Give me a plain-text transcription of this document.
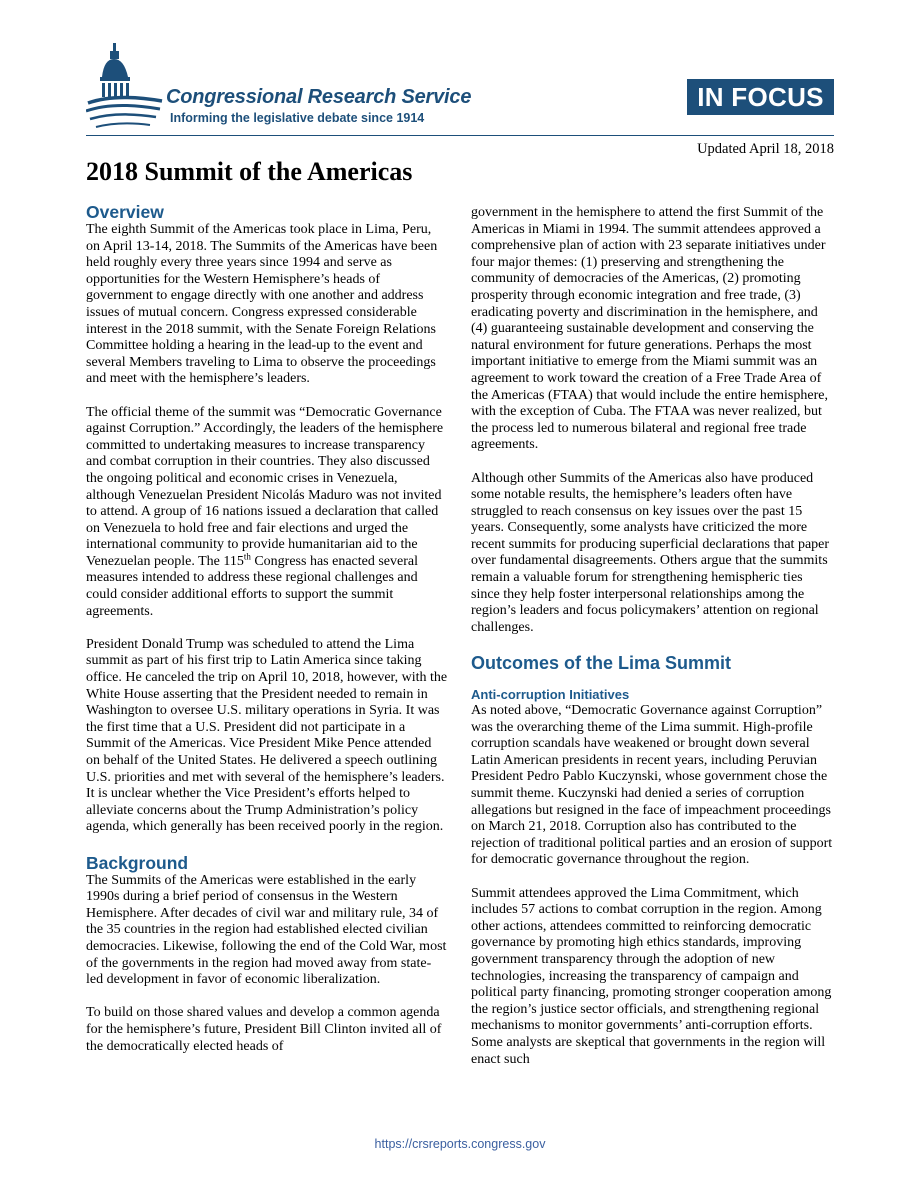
Congressional Research Service
Informing the legislative debate since 1914
IN FOCUS
Updated April 18, 2018
2018 Summit of the Americas
Overview

The eighth Summit of the Americas took place in Lima, Peru, on April 13-14, 2018. The Summits of the Americas have been held roughly every three years since 1994 and serve as opportunities for the Western Hemisphere’s heads of government to engage directly with one another and address issues of mutual concern. Congress expressed considerable interest in the 2018 summit, with the Senate Foreign Relations Committee holding a hearing in the lead-up to the event and several Members traveling to Lima to observe the proceedings and meet with the hemisphere’s leaders.

The official theme of the summit was “Democratic Governance against Corruption.” Accordingly, the leaders of the hemisphere committed to undertaking measures to increase transparency and combat corruption in their countries. They also discussed the ongoing political and economic crises in Venezuela, although Venezuelan President Nicolás Maduro was not invited to attend. A group of 16 nations issued a declaration that called on Venezuela to hold free and fair elections and urged the international community to provide humanitarian aid to the Venezuelan people. The 115th Congress has enacted several measures intended to address these regional challenges and could consider additional efforts to support the summit agreements.

President Donald Trump was scheduled to attend the Lima summit as part of his first trip to Latin America since taking office. He canceled the trip on April 10, 2018, however, with the White House asserting that the President needed to remain in Washington to oversee U.S. military operations in Syria. It was the first time that a U.S. President did not participate in a Summit of the Americas. Vice President Mike Pence attended on behalf of the United States. He delivered a speech outlining U.S. priorities and met with several of the hemisphere’s leaders. It is unclear whether the Vice President’s efforts helped to alleviate concerns about the Trump Administration’s policy agenda, which generally has been received poorly in the region.

Background

The Summits of the Americas were established in the early 1990s during a brief period of consensus in the Western Hemisphere. After decades of civil war and military rule, 34 of the 35 countries in the region had established elected civilian democracies. Likewise, following the end of the Cold War, most of the governments in the region had moved away from state-led development in favor of economic liberalization.

To build on those shared values and develop a common agenda for the hemisphere’s future, President Bill Clinton invited all of the democratically elected heads of

government in the hemisphere to attend the first Summit of the Americas in Miami in 1994. The summit attendees approved a comprehensive plan of action with 23 separate initiatives under four major themes: (1) preserving and strengthening the community of democracies of the Americas, (2) promoting prosperity through economic integration and free trade, (3) eradicating poverty and discrimination in the hemisphere, and (4) guaranteeing sustainable development and conserving the natural environment for future generations. Perhaps the most important initiative to emerge from the Miami summit was an agreement to work toward the creation of a Free Trade Area of the Americas (FTAA) that would include the entire hemisphere, with the exception of Cuba. The FTAA was never realized, but the process led to numerous bilateral and regional free trade agreements.

Although other Summits of the Americas also have produced some notable results, the hemisphere’s leaders often have struggled to reach consensus on key issues over the past 15 years. Consequently, some analysts have criticized the more recent summits for producing superficial declarations that paper over fundamental disagreements. Others argue that the summits remain a valuable forum for strengthening hemispheric ties since they help foster interpersonal relationships among the region’s leaders and focus policymakers’ attention on regional challenges.

Outcomes of the Lima Summit
Anti-corruption Initiatives

As noted above, “Democratic Governance against Corruption” was the overarching theme of the Lima summit. High-profile corruption scandals have weakened or brought down several Latin American presidents in recent years, including Peruvian President Pedro Pablo Kuczynski, whose government chose the summit theme. Kuczynski had denied a series of corruption allegations but resigned in the face of impeachment proceedings on March 21, 2018. Corruption also has contributed to the rejection of traditional political parties and an erosion of support for democratic governance throughout the region.

Summit attendees approved the Lima Commitment, which includes 57 actions to combat corruption in the region. Among other actions, attendees committed to reinforcing democratic governance by promoting high ethics standards, improving government transparency through the adoption of new technologies, increasing the transparency of campaign and political party financing, promoting stronger cooperation among the region’s justice sector officials, and strengthening regional mechanisms to monitor governments’ anti-corruption efforts. Some analysts are skeptical that governments in the region will enact such

https://crsreports.congress.gov
